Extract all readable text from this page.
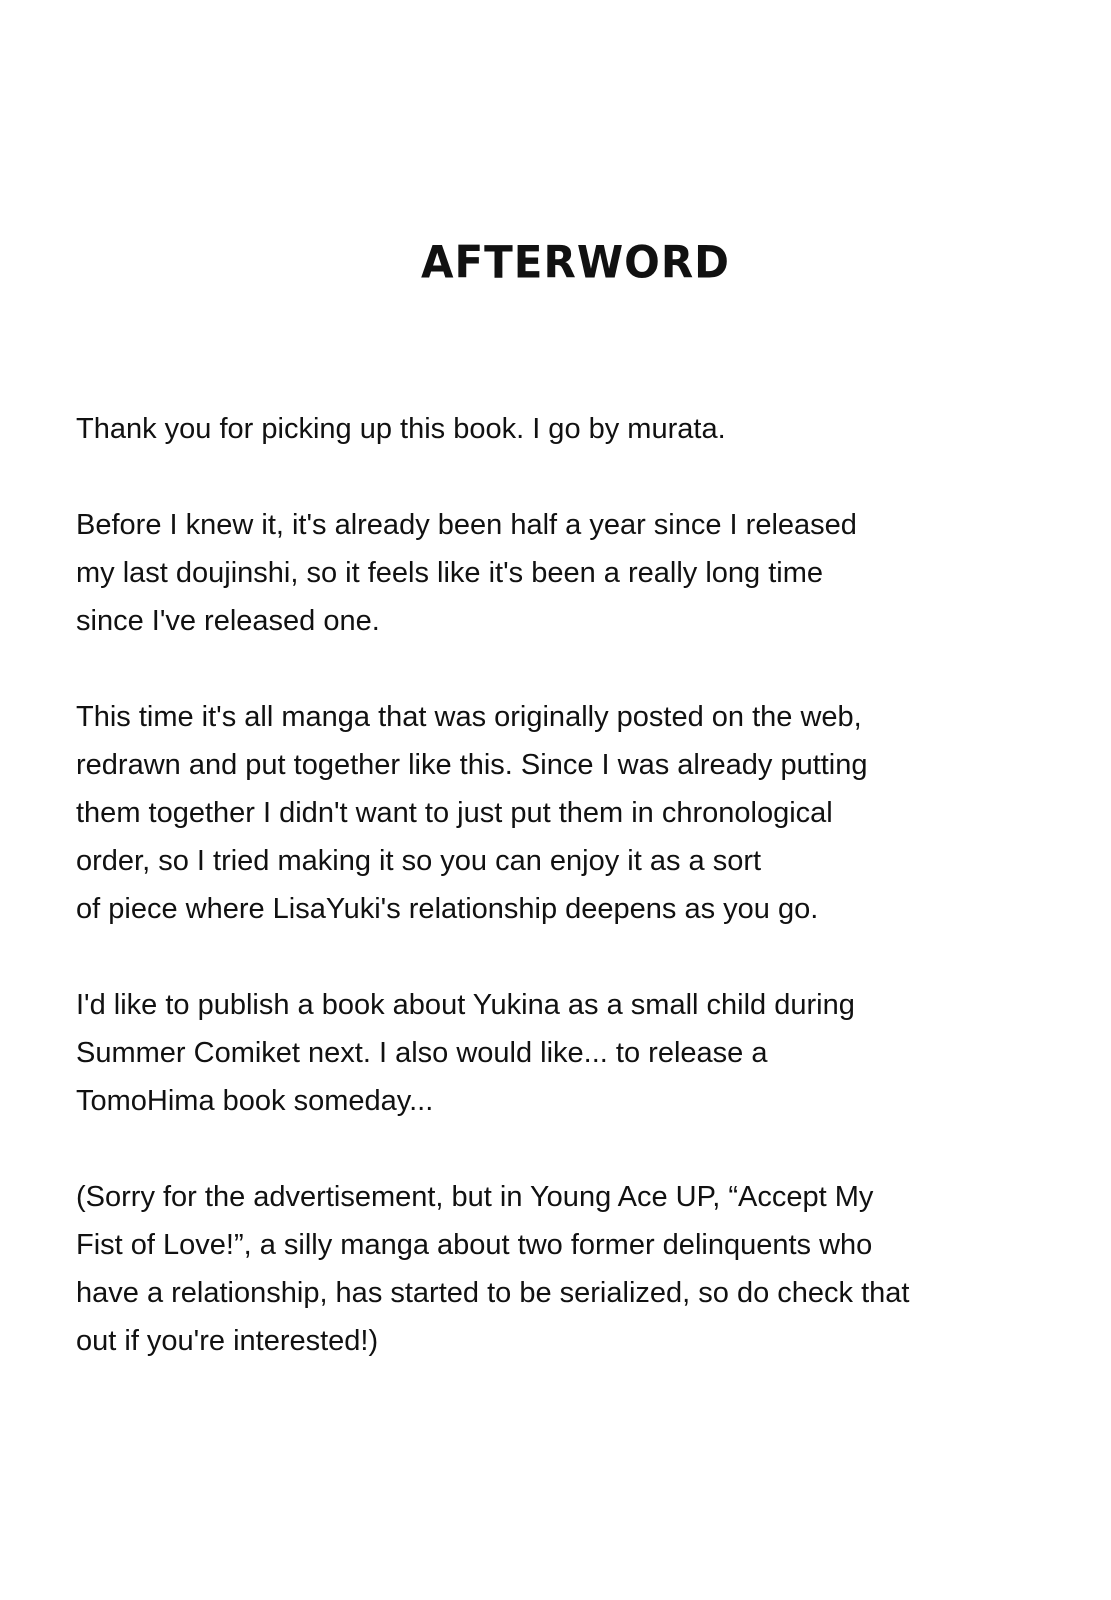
AFTERWORD

Thank you for picking up this book. I go by murata.

Before I knew it, it's already been half a year since I released
my last doujinshi, so it feels like it's been a really long time
since I've released one.

This time it's all manga that was originally posted on the web,
redrawn and put together like this. Since I was already putting
them together I didn't want to just put them in chronological
order, so I tried making it so you can enjoy it as a sort
of piece where LisaYuki's relationship deepens as you go.

I'd like to publish a book about Yukina as a small child during
Summer Comiket next. I also would like... to release a
TomoHima book someday...

(Sorry for the advertisement, but in Young Ace UP, “Accept My
Fist of Love!”, a silly manga about two former delinquents who
have a relationship, has started to be serialized, so do check that
out if you're interested!)
